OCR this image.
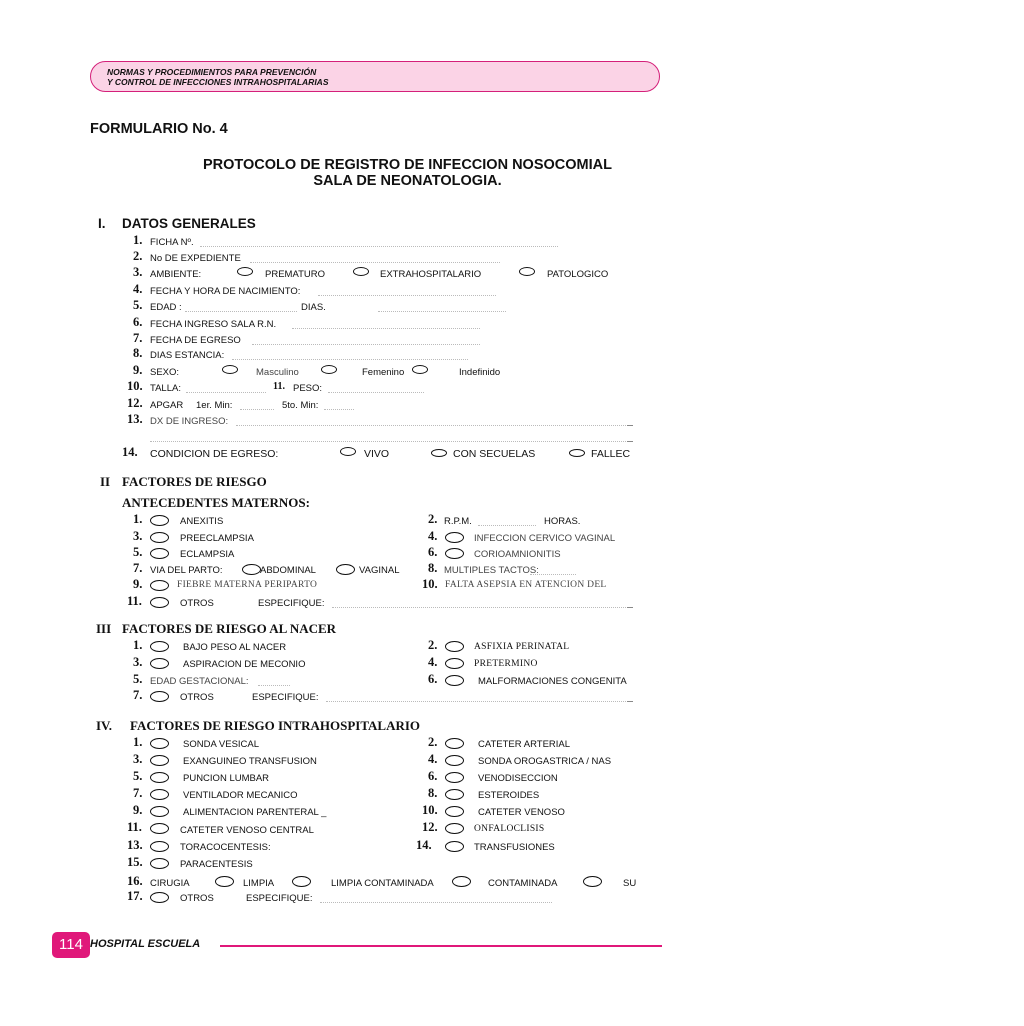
NORMAS Y PROCEDIMIENTOS PARA PREVENCIÓN
Y CONTROL DE INFECCIONES INTRAHOSPITALARIAS
FORMULARIO No. 4
PROTOCOLO DE REGISTRO DE INFECCION NOSOCOMIAL
SALA DE NEONATOLOGIA.
I. DATOS GENERALES
1. FICHA Nº.
2. No DE EXPEDIENTE
3. AMBIENTE:	PREMATURO	EXTRAHOSPITALARIO	PATOLOGICO
4. FECHA Y HORA DE NACIMIENTO:
5. EDAD :	DIAS.
6. FECHA INGRESO SALA R.N.
7. FECHA DE EGRESO
8. DIAS ESTANCIA:
9. SEXO:	Masculino	Femenino	Indefinido
10. TALLA:	11. PESO:
12. APGAR 1er. Min:	5to. Min:
13. DX DE INGRESO:
14. CONDICION DE EGRESO:	VIVO	CON SECUELAS	FALLEC
II FACTORES DE RIESGO
ANTECEDENTES MATERNOS:
1.	ANEXITIS	2. R.P.M.	HORAS.
3.	PREECLAMPSIA	4.	INFECCION CERVICO VAGINAL
5.	ECLAMPSIA	6.	CORIOAMNIONITIS
7. VIA DEL PARTO:	ABDOMINAL	VAGINAL 8. MULTIPLES TACTOS:
9.	FIEBRE MATERNA PERIPARTO	10. FALTA ASEPSIA EN ATENCION DEL
11.	OTROS	ESPECIFIQUE:
III FACTORES DE RIESGO AL NACER
1.	BAJO PESO AL NACER	2.	ASFIXIA PERINATAL
3.	ASPIRACION DE MECONIO	4.	PRETERMINO
5. EDAD GESTACIONAL:	6.	MALFORMACIONES CONGENITA
7.	OTROS	ESPECIFIQUE:
IV. FACTORES DE RIESGO INTRAHOSPITALARIO
1.	SONDA VESICAL	2.	CATETER ARTERIAL
3.	EXANGUINEO TRANSFUSION	4.	SONDA OROGASTRICA / NAS
5.	PUNCION LUMBAR	6.	VENODISECCION
7.	VENTILADOR MECANICO	8.	ESTEROIDES
9.	ALIMENTACION PARENTERAL _	10.	CATETER VENOSO
11.	CATETER VENOSO CENTRAL	12.	ONFALOCLISIS
13.	TORACOCENTESIS:	14.	TRANSFUSIONES
15.	PARACENTESIS
16. CIRUGIA	LIMPIA	LIMPIA CONTAMINADA	CONTAMINADA	SU
17.	OTROS	ESPECIFIQUE:
114 HOSPITAL ESCUELA
